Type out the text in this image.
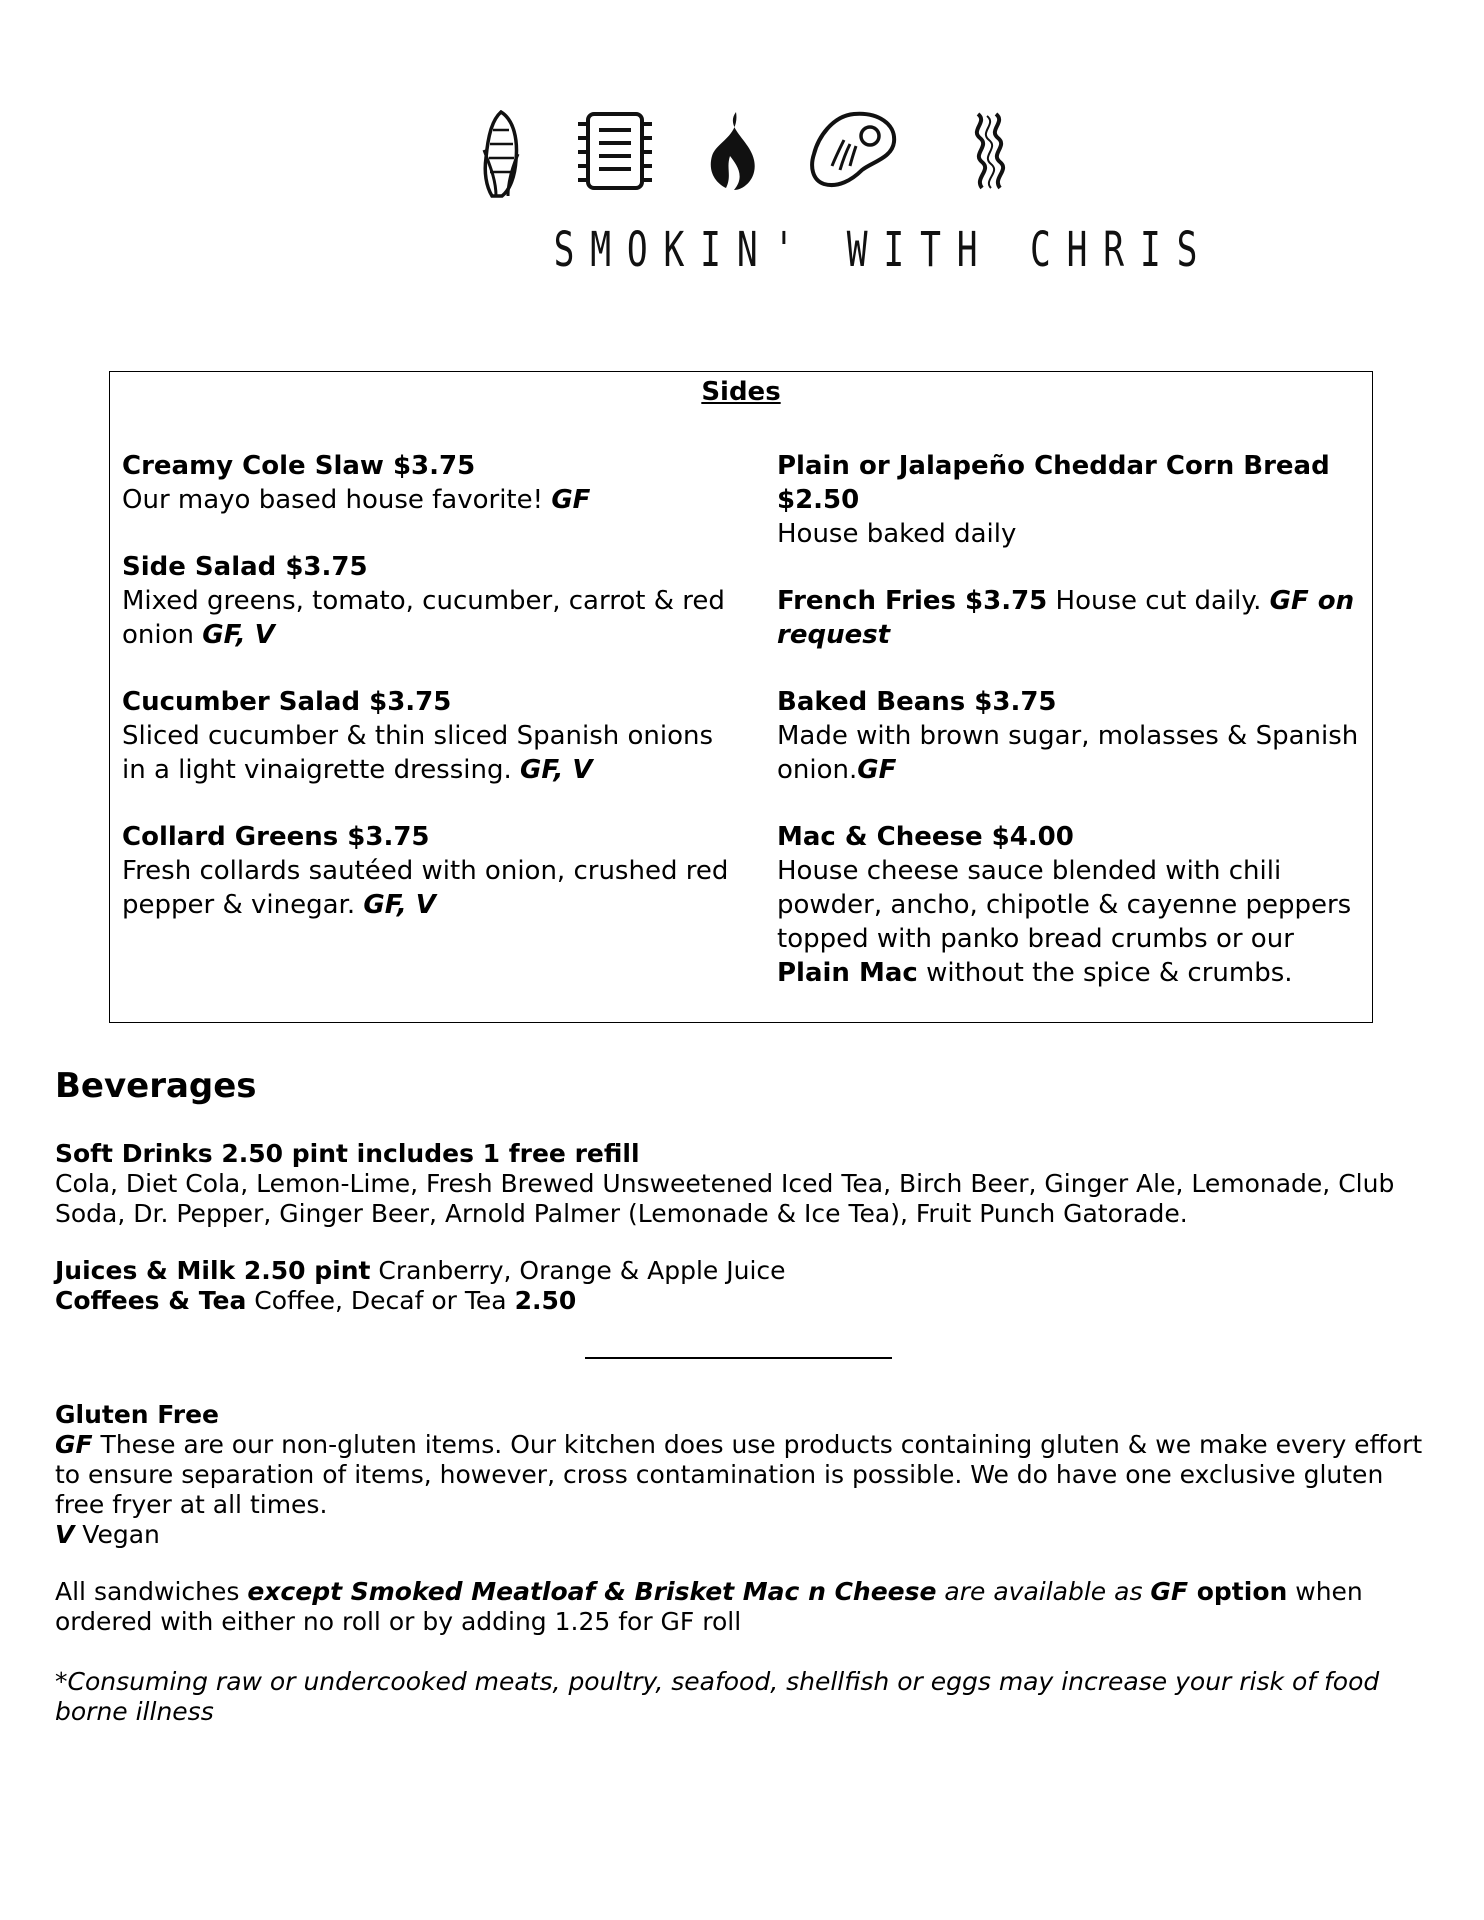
SMOKIN' WITH CHRIS
Sides
Creamy Cole Slaw $3.75
Our mayo based house favorite! GF
Side Salad $3.75
Mixed greens, tomato, cucumber, carrot & red onion GF, V
Cucumber Salad $3.75
Sliced cucumber & thin sliced Spanish onions in a light vinaigrette dressing. GF, V
Collard Greens $3.75
Fresh collards sautéed with onion, crushed red pepper & vinegar. GF, V
Plain or Jalapeño Cheddar Corn Bread $2.50
House baked daily
French Fries $3.75 House cut daily. GF on request
Baked Beans $3.75
Made with brown sugar, molasses & Spanish onion.GF
Mac & Cheese $4.00
House cheese sauce blended with chili powder, ancho, chipotle & cayenne peppers topped with panko bread crumbs or our Plain Mac without the spice & crumbs.
Beverages
Soft Drinks 2.50 pint includes 1 free refill
Cola, Diet Cola, Lemon-Lime, Fresh Brewed Unsweetened Iced Tea, Birch Beer, Ginger Ale, Lemonade, Club Soda, Dr. Pepper, Ginger Beer, Arnold Palmer (Lemonade & Ice Tea), Fruit Punch Gatorade.
Juices & Milk 2.50 pint Cranberry, Orange & Apple Juice
Coffees & Tea Coffee, Decaf or Tea 2.50
Gluten Free
GF These are our non-gluten items. Our kitchen does use products containing gluten & we make every effort to ensure separation of items, however, cross contamination is possible. We do have one exclusive gluten free fryer at all times.
V Vegan
All sandwiches except Smoked Meatloaf & Brisket Mac n Cheese are available as GF option when ordered with either no roll or by adding 1.25 for GF roll
*Consuming raw or undercooked meats, poultry, seafood, shellfish or eggs may increase your risk of food borne illness
